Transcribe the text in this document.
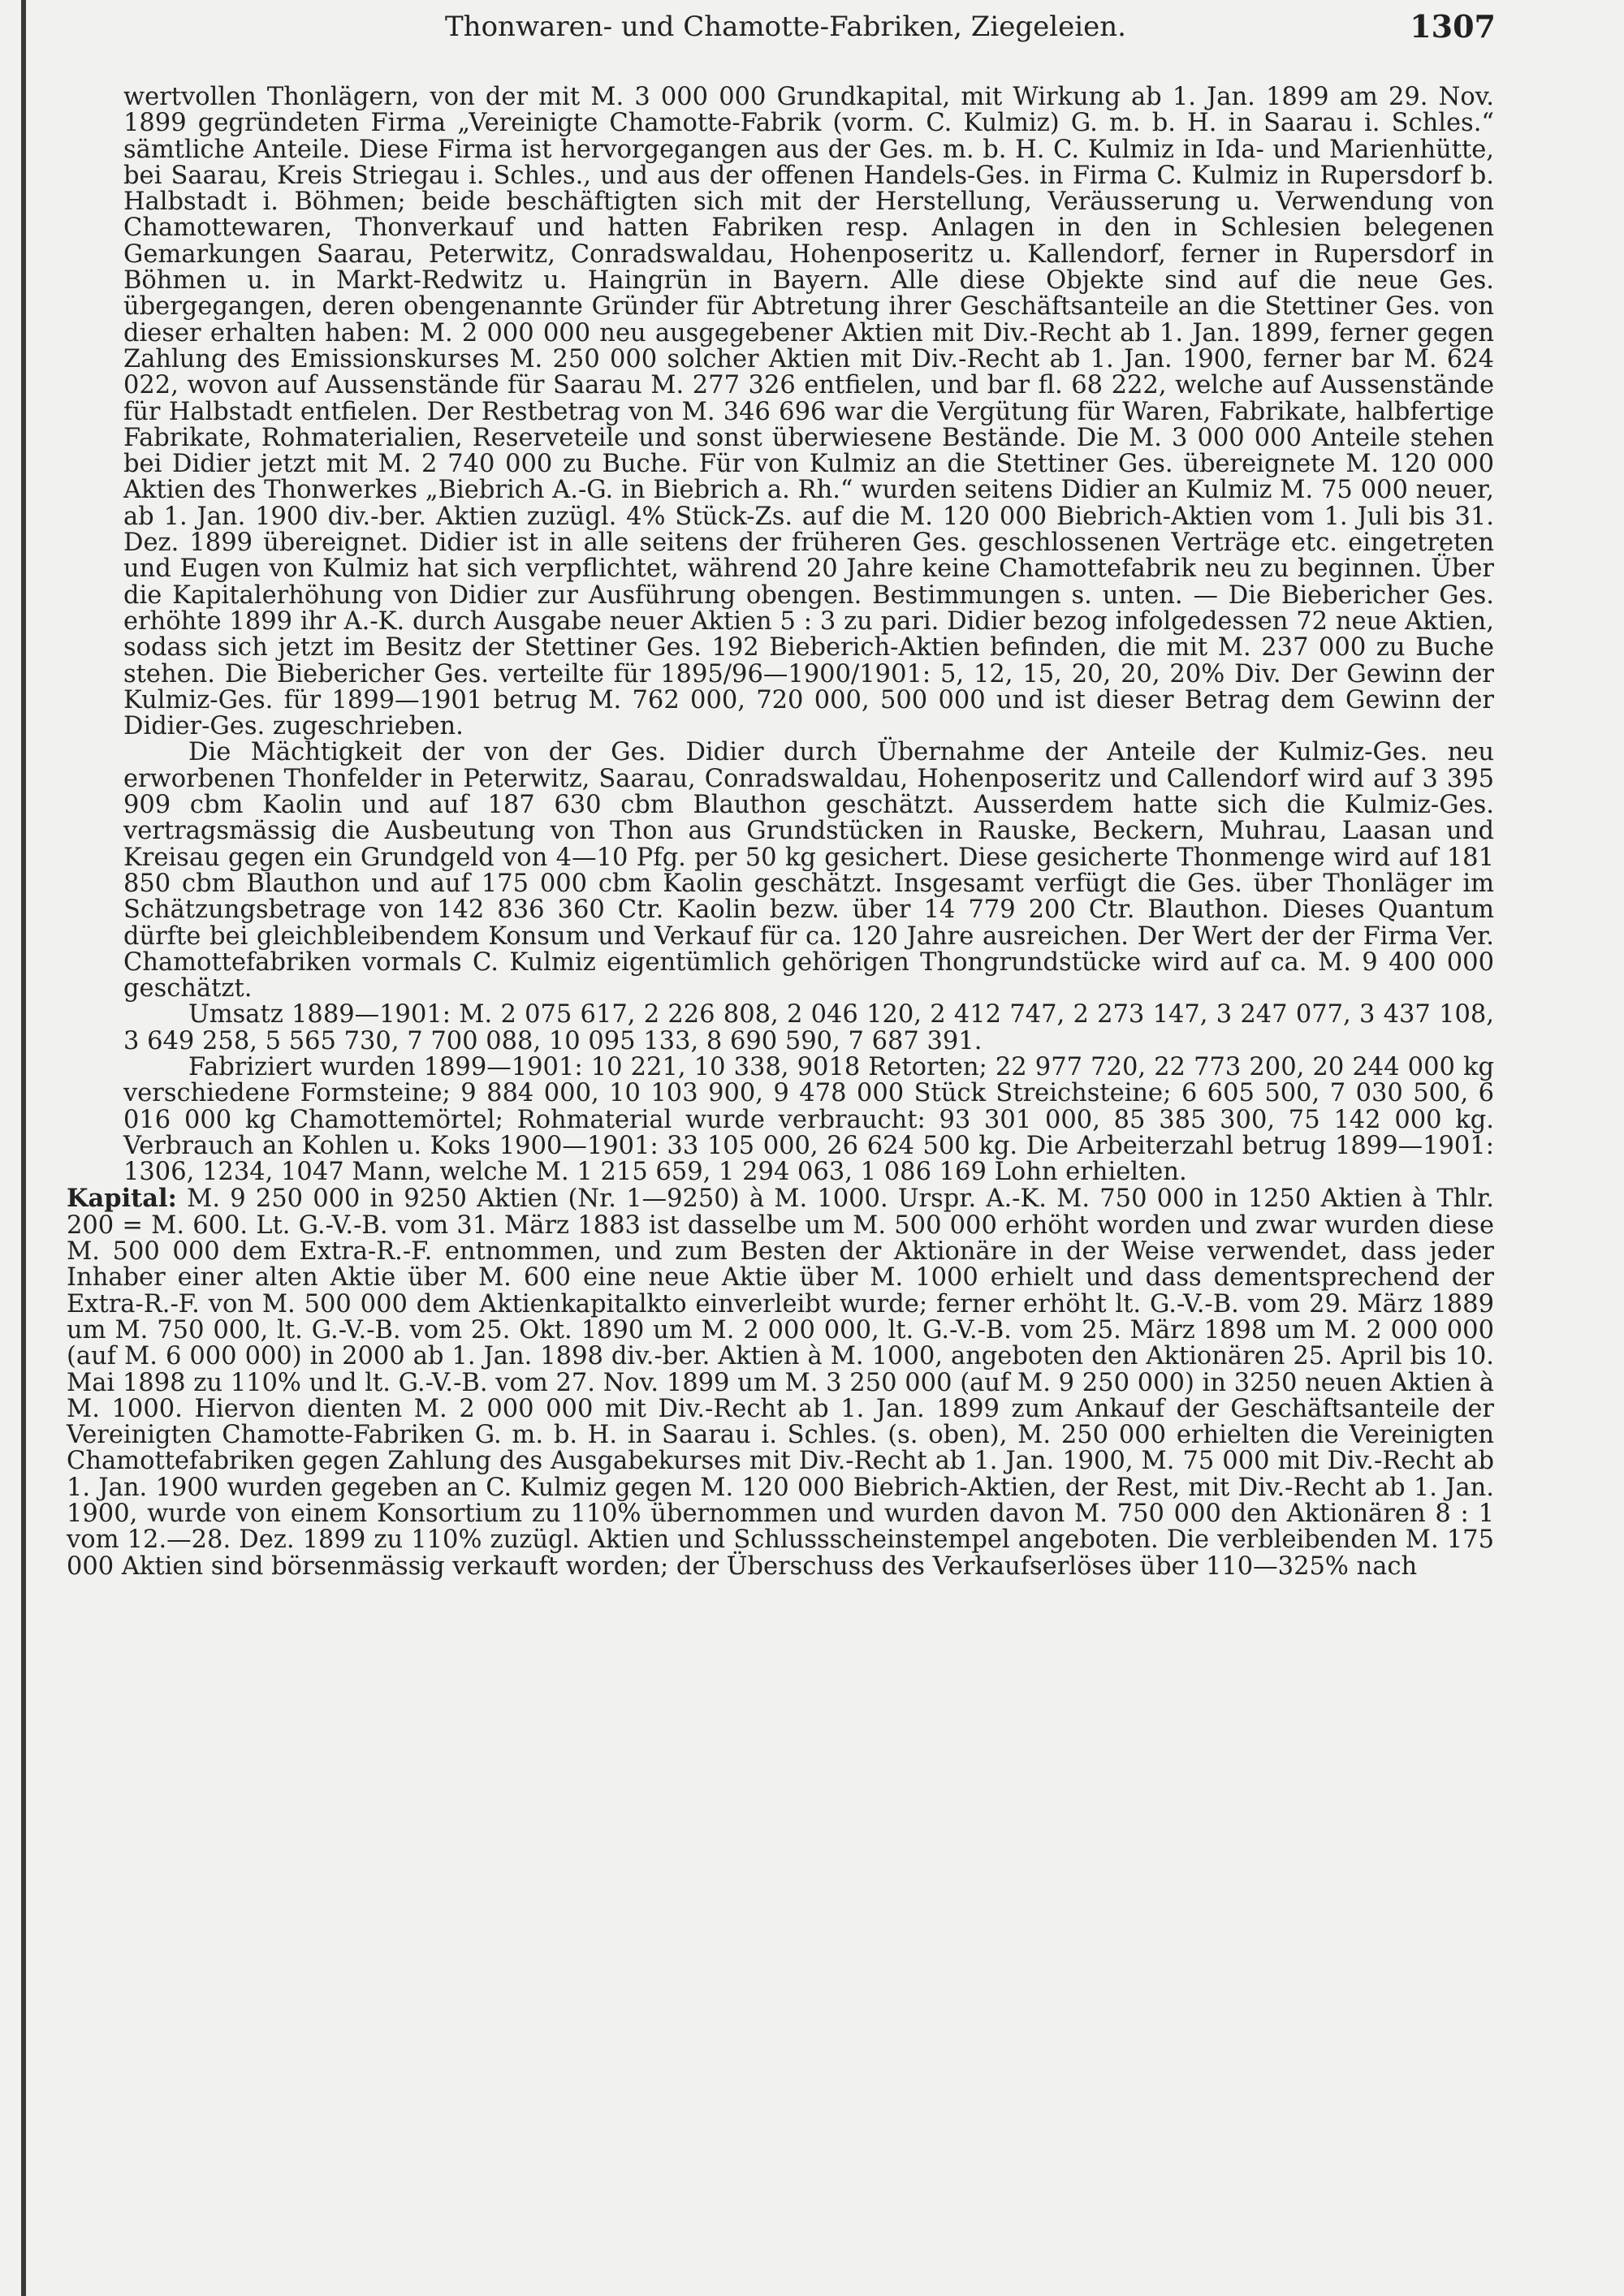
Thonwaren- und Chamotte-Fabriken, Ziegeleien.	1307

wertvollen Thonlägern, von der mit M. 3 000 000 Grundkapital, mit Wirkung ab 1. Jan. 1899 am 29. Nov. 1899 gegründeten Firma „Vereinigte Chamotte-Fabrik (vorm. C. Kulmiz) G. m. b. H. in Saarau i. Schles.“ sämtliche Anteile. Diese Firma ist hervorgegangen aus der Ges. m. b. H. C. Kulmiz in Ida- und Marienhütte, bei Saarau, Kreis Striegau i. Schles., und aus der offenen Handels-Ges. in Firma C. Kulmiz in Rupersdorf b. Halbstadt i. Böhmen; beide beschäftigten sich mit der Herstellung, Veräusserung u. Verwendung von Chamottewaren, Thonverkauf und hatten Fabriken resp. Anlagen in den in Schlesien belegenen Gemarkungen Saarau, Peterwitz, Conradswaldau, Hohenposeritz u. Kallendorf, ferner in Rupersdorf in Böhmen u. in Markt-Redwitz u. Haingrün in Bayern. Alle diese Objekte sind auf die neue Ges. übergegangen, deren obengenannte Gründer für Abtretung ihrer Geschäftsanteile an die Stettiner Ges. von dieser erhalten haben: M. 2 000 000 neu ausgegebener Aktien mit Div.-Recht ab 1. Jan. 1899, ferner gegen Zahlung des Emissionskurses M. 250 000 solcher Aktien mit Div.-Recht ab 1. Jan. 1900, ferner bar M. 624 022, wovon auf Aussenstände für Saarau M. 277 326 entfielen, und bar fl. 68 222, welche auf Aussenstände für Halbstadt entfielen. Der Restbetrag von M. 346 696 war die Vergütung für Waren, Fabrikate, halbfertige Fabrikate, Rohmaterialien, Reserveteile und sonst überwiesene Bestände. Die M. 3 000 000 Anteile stehen bei Didier jetzt mit M. 2 740 000 zu Buche. Für von Kulmiz an die Stettiner Ges. übereignete M. 120 000 Aktien des Thonwerkes „Biebrich A.-G. in Biebrich a. Rh.“ wurden seitens Didier an Kulmiz M. 75 000 neuer, ab 1. Jan. 1900 div.-ber. Aktien zuzügl. 4% Stück-Zs. auf die M. 120 000 Biebrich-Aktien vom 1. Juli bis 31. Dez. 1899 übereignet. Didier ist in alle seitens der früheren Ges. geschlossenen Verträge etc. eingetreten und Eugen von Kulmiz hat sich verpflichtet, während 20 Jahre keine Chamottefabrik neu zu beginnen. Über die Kapitalerhöhung von Didier zur Ausführung obengen. Bestimmungen s. unten. — Die Biebericher Ges. erhöhte 1899 ihr A.-K. durch Ausgabe neuer Aktien 5 : 3 zu pari. Didier bezog infolgedessen 72 neue Aktien, sodass sich jetzt im Besitz der Stettiner Ges. 192 Bieberich-Aktien befinden, die mit M. 237 000 zu Buche stehen. Die Biebericher Ges. verteilte für 1895/96—1900/1901: 5, 12, 15, 20, 20, 20% Div. Der Gewinn der Kulmiz-Ges. für 1899—1901 betrug M. 762 000, 720 000, 500 000 und ist dieser Betrag dem Gewinn der Didier-Ges. zugeschrieben.

Die Mächtigkeit der von der Ges. Didier durch Übernahme der Anteile der Kulmiz-Ges. neu erworbenen Thonfelder in Peterwitz, Saarau, Conradswaldau, Hohenposeritz und Callendorf wird auf 3 395 909 cbm Kaolin und auf 187 630 cbm Blauthon geschätzt. Ausserdem hatte sich die Kulmiz-Ges. vertragsmässig die Ausbeutung von Thon aus Grundstücken in Rauske, Beckern, Muhrau, Laasan und Kreisau gegen ein Grundgeld von 4—10 Pfg. per 50 kg gesichert. Diese gesicherte Thonmenge wird auf 181 850 cbm Blauthon und auf 175 000 cbm Kaolin geschätzt. Insgesamt verfügt die Ges. über Thonläger im Schätzungsbetrage von 142 836 360 Ctr. Kaolin bezw. über 14 779 200 Ctr. Blauthon. Dieses Quantum dürfte bei gleichbleibendem Konsum und Verkauf für ca. 120 Jahre ausreichen. Der Wert der der Firma Ver. Chamottefabriken vormals C. Kulmiz eigentümlich gehörigen Thongrundstücke wird auf ca. M. 9 400 000 geschätzt.

Umsatz 1889—1901: M. 2 075 617, 2 226 808, 2 046 120, 2 412 747, 2 273 147, 3 247 077, 3 437 108, 3 649 258, 5 565 730, 7 700 088, 10 095 133, 8 690 590, 7 687 391.

Fabriziert wurden 1899—1901: 10 221, 10 338, 9018 Retorten; 22 977 720, 22 773 200, 20 244 000 kg verschiedene Formsteine; 9 884 000, 10 103 900, 9 478 000 Stück Streichsteine; 6 605 500, 7 030 500, 6 016 000 kg Chamottemörtel; Rohmaterial wurde verbraucht: 93 301 000, 85 385 300, 75 142 000 kg. Verbrauch an Kohlen u. Koks 1900—1901: 33 105 000, 26 624 500 kg. Die Arbeiterzahl betrug 1899—1901: 1306, 1234, 1047 Mann, welche M. 1 215 659, 1 294 063, 1 086 169 Lohn erhielten.

Kapital: M. 9 250 000 in 9250 Aktien (Nr. 1—9250) à M. 1000. Urspr. A.-K. M. 750 000 in 1250 Aktien à Thlr. 200 = M. 600. Lt. G.-V.-B. vom 31. März 1883 ist dasselbe um M. 500 000 erhöht worden und zwar wurden diese M. 500 000 dem Extra-R.-F. entnommen, und zum Besten der Aktionäre in der Weise verwendet, dass jeder Inhaber einer alten Aktie über M. 600 eine neue Aktie über M. 1000 erhielt und dass dementsprechend der Extra-R.-F. von M. 500 000 dem Aktienkapitalkto einverleibt wurde; ferner erhöht lt. G.-V.-B. vom 29. März 1889 um M. 750 000, lt. G.-V.-B. vom 25. Okt. 1890 um M. 2 000 000, lt. G.-V.-B. vom 25. März 1898 um M. 2 000 000 (auf M. 6 000 000) in 2000 ab 1. Jan. 1898 div.-ber. Aktien à M. 1000, angeboten den Aktionären 25. April bis 10. Mai 1898 zu 110% und lt. G.-V.-B. vom 27. Nov. 1899 um M. 3 250 000 (auf M. 9 250 000) in 3250 neuen Aktien à M. 1000. Hiervon dienten M. 2 000 000 mit Div.-Recht ab 1. Jan. 1899 zum Ankauf der Geschäftsanteile der Vereinigten Chamotte-Fabriken G. m. b. H. in Saarau i. Schles. (s. oben), M. 250 000 erhielten die Vereinigten Chamottefabriken gegen Zahlung des Ausgabekurses mit Div.-Recht ab 1. Jan. 1900, M. 75 000 mit Div.-Recht ab 1. Jan. 1900 wurden gegeben an C. Kulmiz gegen M. 120 000 Biebrich-Aktien, der Rest, mit Div.-Recht ab 1. Jan. 1900, wurde von einem Konsortium zu 110% übernommen und wurden davon M. 750 000 den Aktionären 8 : 1 vom 12.—28. Dez. 1899 zu 110% zuzügl. Aktien und Schlussscheinstempel angeboten. Die verbleibenden M. 175 000 Aktien sind börsenmässig verkauft worden; der Überschuss des Verkaufserlöses über 110—325% nach
